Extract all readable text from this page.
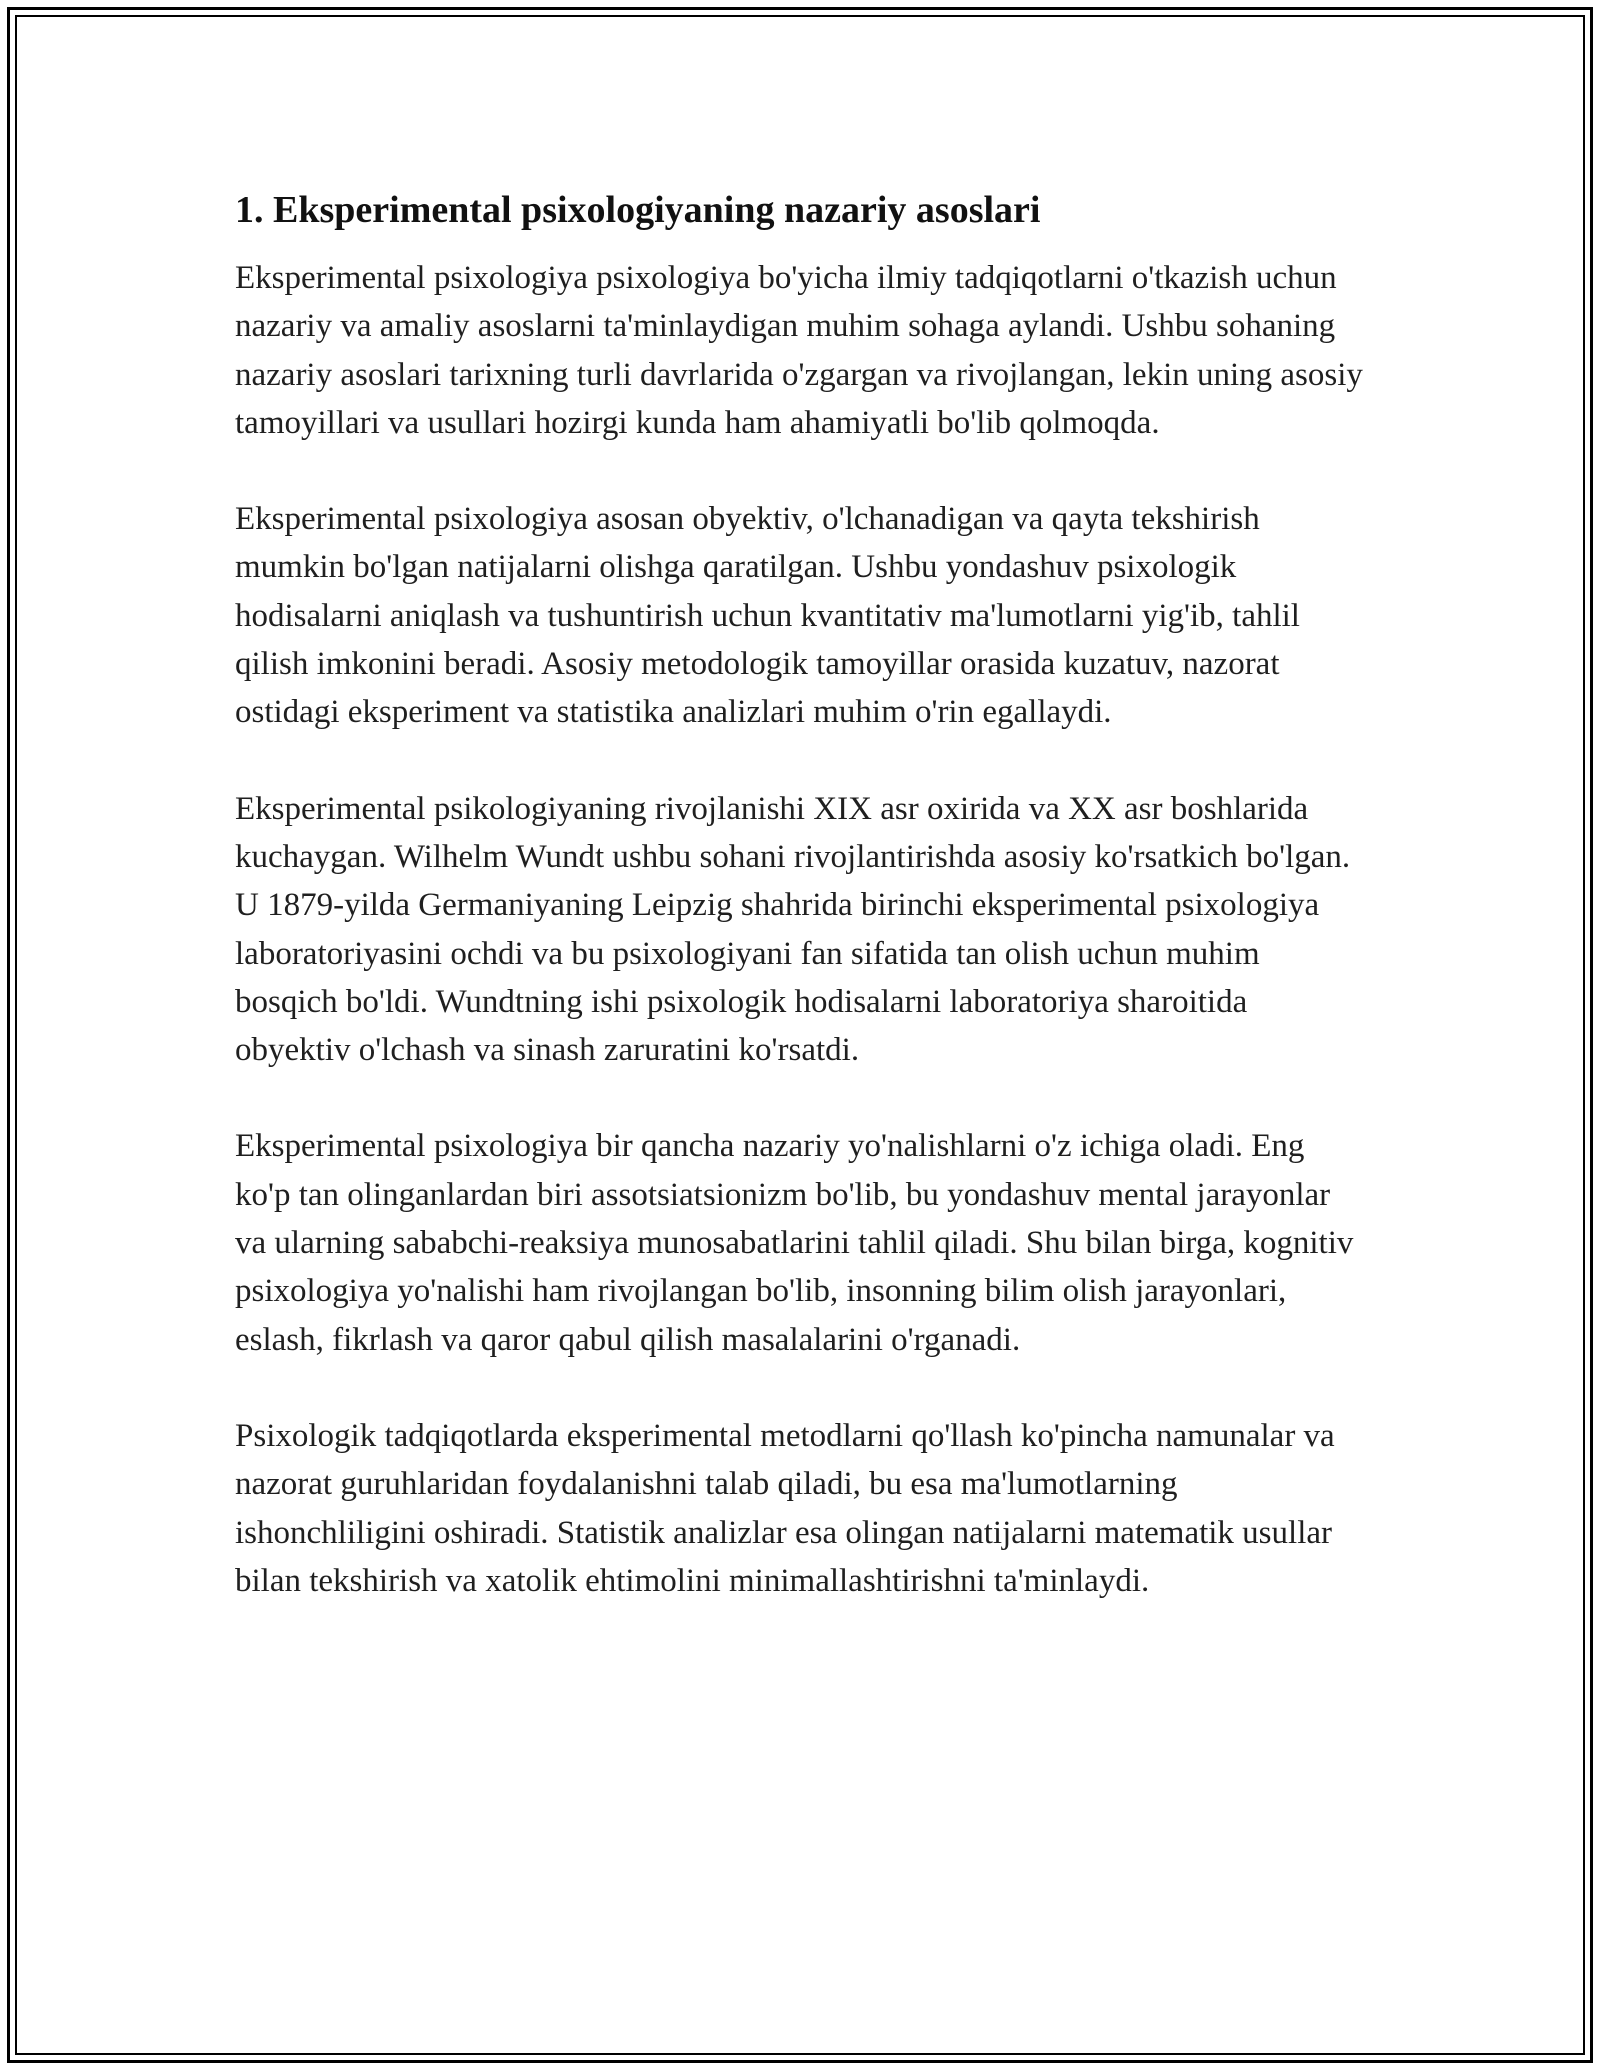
1. Eksperimental psixologiyaning nazariy asoslari

Eksperimental psixologiya psixologiya bo'yicha ilmiy tadqiqotlarni o'tkazish uchun nazariy va amaliy asoslarni ta'minlaydigan muhim sohaga aylandi. Ushbu sohaning nazariy asoslari tarixning turli davrlarida o'zgargan va rivojlangan, lekin uning asosiy tamoyillari va usullari hozirgi kunda ham ahamiyatli bo'lib qolmoqda.

Eksperimental psixologiya asosan obyektiv, o'lchanadigan va qayta tekshirish mumkin bo'lgan natijalarni olishga qaratilgan. Ushbu yondashuv psixologik hodisalarni aniqlash va tushuntirish uchun kvantitativ ma'lumotlarni yig'ib, tahlil qilish imkonini beradi. Asosiy metodologik tamoyillar orasida kuzatuv, nazorat ostidagi eksperiment va statistika analizlari muhim o'rin egallaydi.

Eksperimental psikologiyaning rivojlanishi XIX asr oxirida va XX asr boshlarida kuchaygan. Wilhelm Wundt ushbu sohani rivojlantirishda asosiy ko'rsatkich bo'lgan. U 1879-yilda Germaniyaning Leipzig shahrida birinchi eksperimental psixologiya laboratoriyasini ochdi va bu psixologiyani fan sifatida tan olish uchun muhim bosqich bo'ldi. Wundtning ishi psixologik hodisalarni laboratoriya sharoitida obyektiv o'lchash va sinash zaruratini ko'rsatdi.

Eksperimental psixologiya bir qancha nazariy yo'nalishlarni o'z ichiga oladi. Eng ko'p tan olinganlardan biri assotsiatsionizm bo'lib, bu yondashuv mental jarayonlar va ularning sababchi-reaksiya munosabatlarini tahlil qiladi. Shu bilan birga, kognitiv psixologiya yo'nalishi ham rivojlangan bo'lib, insonning bilim olish jarayonlari, eslash, fikrlash va qaror qabul qilish masalalarini o'rganadi.

Psixologik tadqiqotlarda eksperimental metodlarni qo'llash ko'pincha namunalar va nazorat guruhlaridan foydalanishni talab qiladi, bu esa ma'lumotlarning ishonchliligini oshiradi. Statistik analizlar esa olingan natijalarni matematik usullar bilan tekshirish va xatolik ehtimolini minimallashtirishni ta'minlaydi.
